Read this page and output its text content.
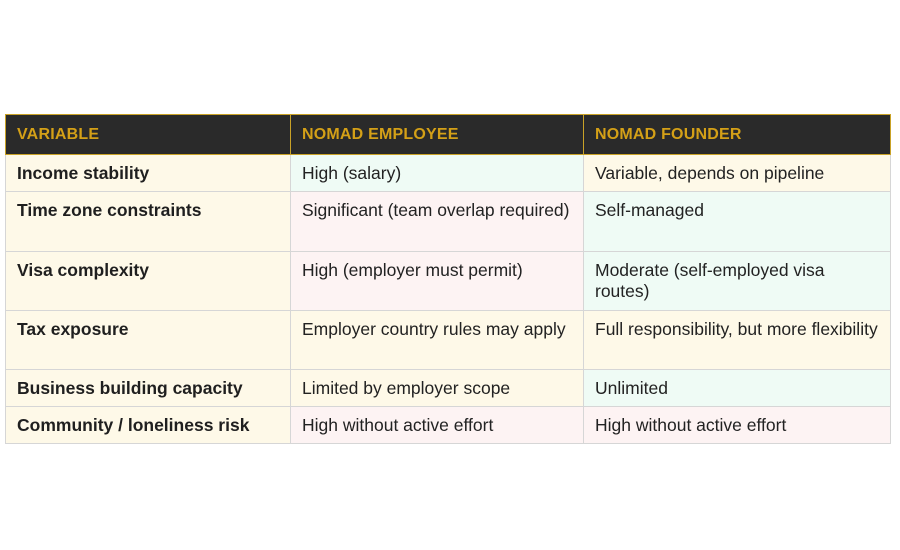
VARIABLE	NOMAD EMPLOYEE	NOMAD FOUNDER
Income stability	High (salary)	Variable, depends on pipeline
Time zone constraints	Significant (team overlap required)	Self-managed
Visa complexity	High (employer must permit)	Moderate (self-employed visa routes)
Tax exposure	Employer country rules may apply	Full responsibility, but more flexibility
Business building capacity	Limited by employer scope	Unlimited
Community / loneliness risk	High without active effort	High without active effort
